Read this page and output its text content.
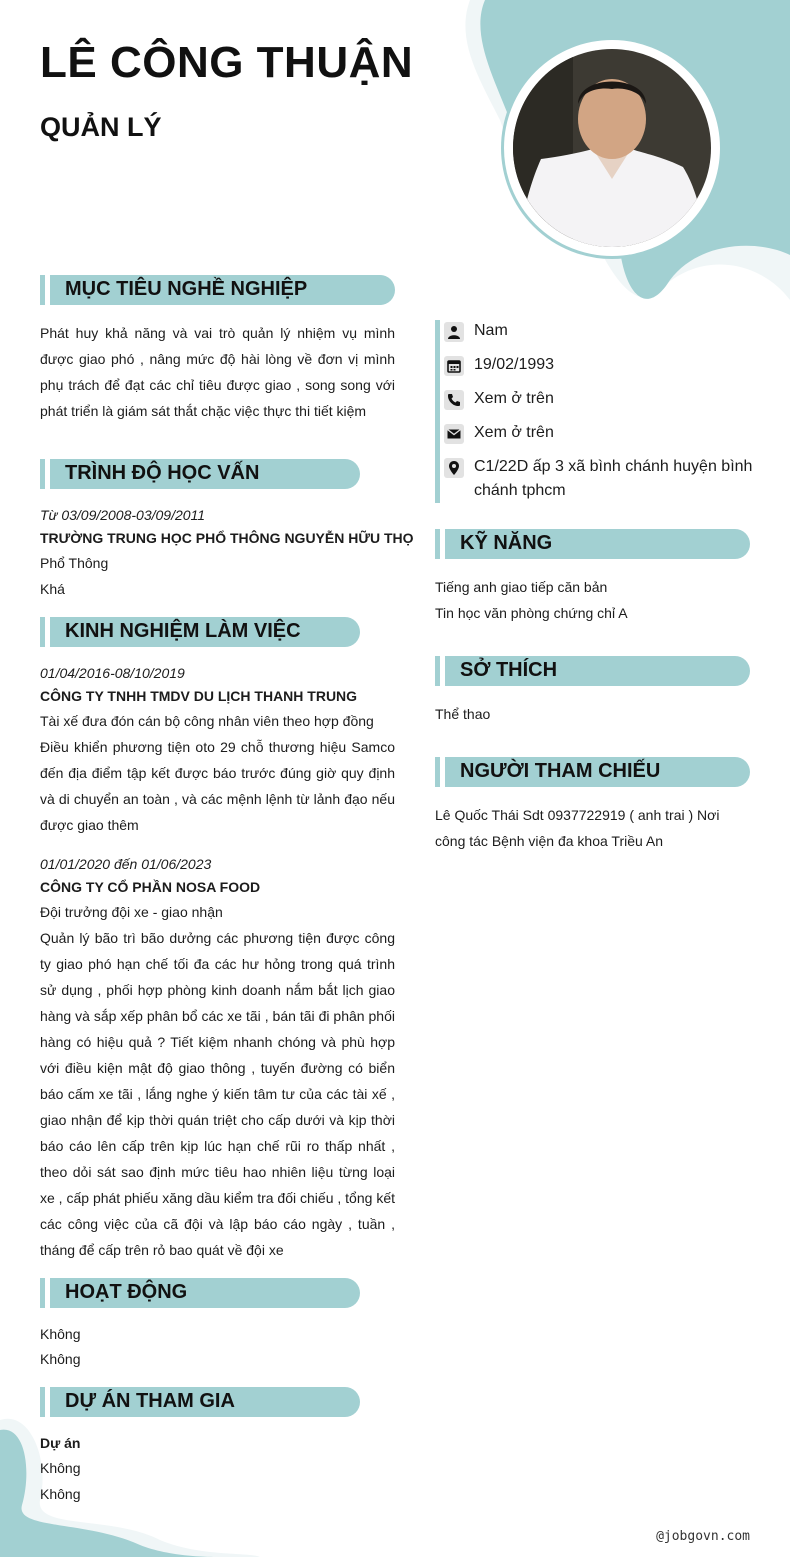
LÊ CÔNG THUẬN
QUẢN LÝ
MỤC TIÊU NGHỀ NGHIỆP
Phát huy khả năng và vai trò quản lý nhiệm vụ mình được giao phó , nâng mức độ hài lòng về đơn vị mình phụ trách để đạt các chỉ tiêu được giao , song song với phát triển là giám sát thắt chặc việc thực thi tiết kiệm
TRÌNH ĐỘ HỌC VẤN
Từ 03/09/2008-03/09/2011
TRƯỜNG TRUNG HỌC PHỔ THÔNG NGUYỄN HỮU THỌ
Phổ Thông
Khá
KINH NGHIỆM LÀM VIỆC
01/04/2016-08/10/2019
CÔNG TY TNHH TMDV DU LỊCH THANH TRUNG
Tài xế đưa đón cán bộ công nhân viên theo hợp đồng
Điều khiển phương tiện oto 29 chỗ thương hiệu Samco đến địa điểm tập kết được báo trước đúng giờ quy định và di chuyển an toàn , và các mệnh lệnh từ lảnh đạo nếu được giao thêm
01/01/2020 đến 01/06/2023
CÔNG TY CỔ PHẦN NOSA FOOD
Đội trưởng đội xe - giao nhận
Quản lý bão trì bão dưởng các phương tiện được công ty giao phó hạn chế tối đa các hư hỏng trong quá trình sử dụng , phối hợp phòng kinh doanh nắm bắt lịch giao hàng và sắp xếp phân bổ các xe tãi , bán tãi đi phân phối hàng có hiệu quả ? Tiết kiệm nhanh chóng và phù hợp với điều kiện mật độ giao thông , tuyến đường có biển báo cấm xe tãi , lắng nghe ý kiến tâm tư của các tài xế , giao nhận để kịp thời quán triệt cho cấp dưới và kịp thời báo cáo lên cấp trên kịp lúc hạn chế rũi ro thấp nhất , theo dỏi sát sao định mức tiêu hao nhiên liệu từng loại xe , cấp phát phiếu xăng dầu kiểm tra đối chiếu , tổng kết các công việc của cã đội và lập báo cáo ngày , tuần , tháng để cấp trên rỏ bao quát về đội xe
HOẠT ĐỘNG
Không
Không
DỰ ÁN THAM GIA
Dự án
Không
Không
Nam
19/02/1993
Xem ở trên
Xem ở trên
C1/22D ấp 3 xã bình chánh huyện bình
chánh tphcm
KỸ NĂNG
Tiếng anh giao tiếp căn bản
Tin học văn phòng chứng chỉ A
SỞ THÍCH
Thể thao
NGƯỜI THAM CHIẾU
Lê Quốc Thái Sdt 0937722919 ( anh trai ) Nơi công tác Bệnh viện đa khoa Triều An
@jobgovn.com
